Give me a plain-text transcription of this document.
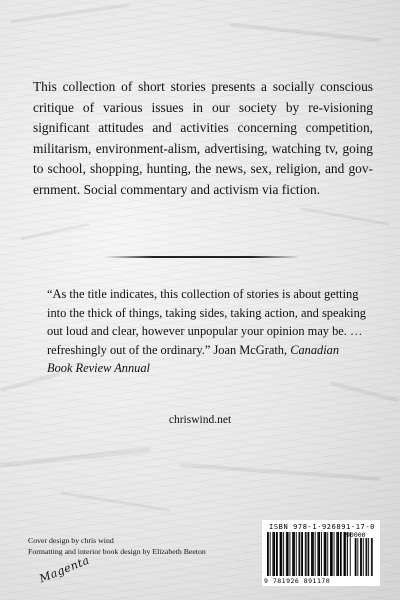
This collection of short stories presents a socially conscious critique of various issues in our society by re-visioning significant attitudes and activities concerning competition, militarism, environment-alism, advertising, watching tv, going to school, shopping, hunting, the news, sex, religion, and gov-ernment. Social commentary and activism via fiction.

“As the title indicates, this collection of stories is about getting into the thick of things, taking sides, taking action, and speaking out loud and clear, however unpopular your opinion may be. … refreshingly out of the ordinary.” Joan McGrath, Canadian Book Review Annual

chriswind.net
Cover design by chris wind
Formatting and interior book design by Elizabeth Beeton
Magenta
ISBN 978-1-926891-17-0
9 781926 891170
90000
